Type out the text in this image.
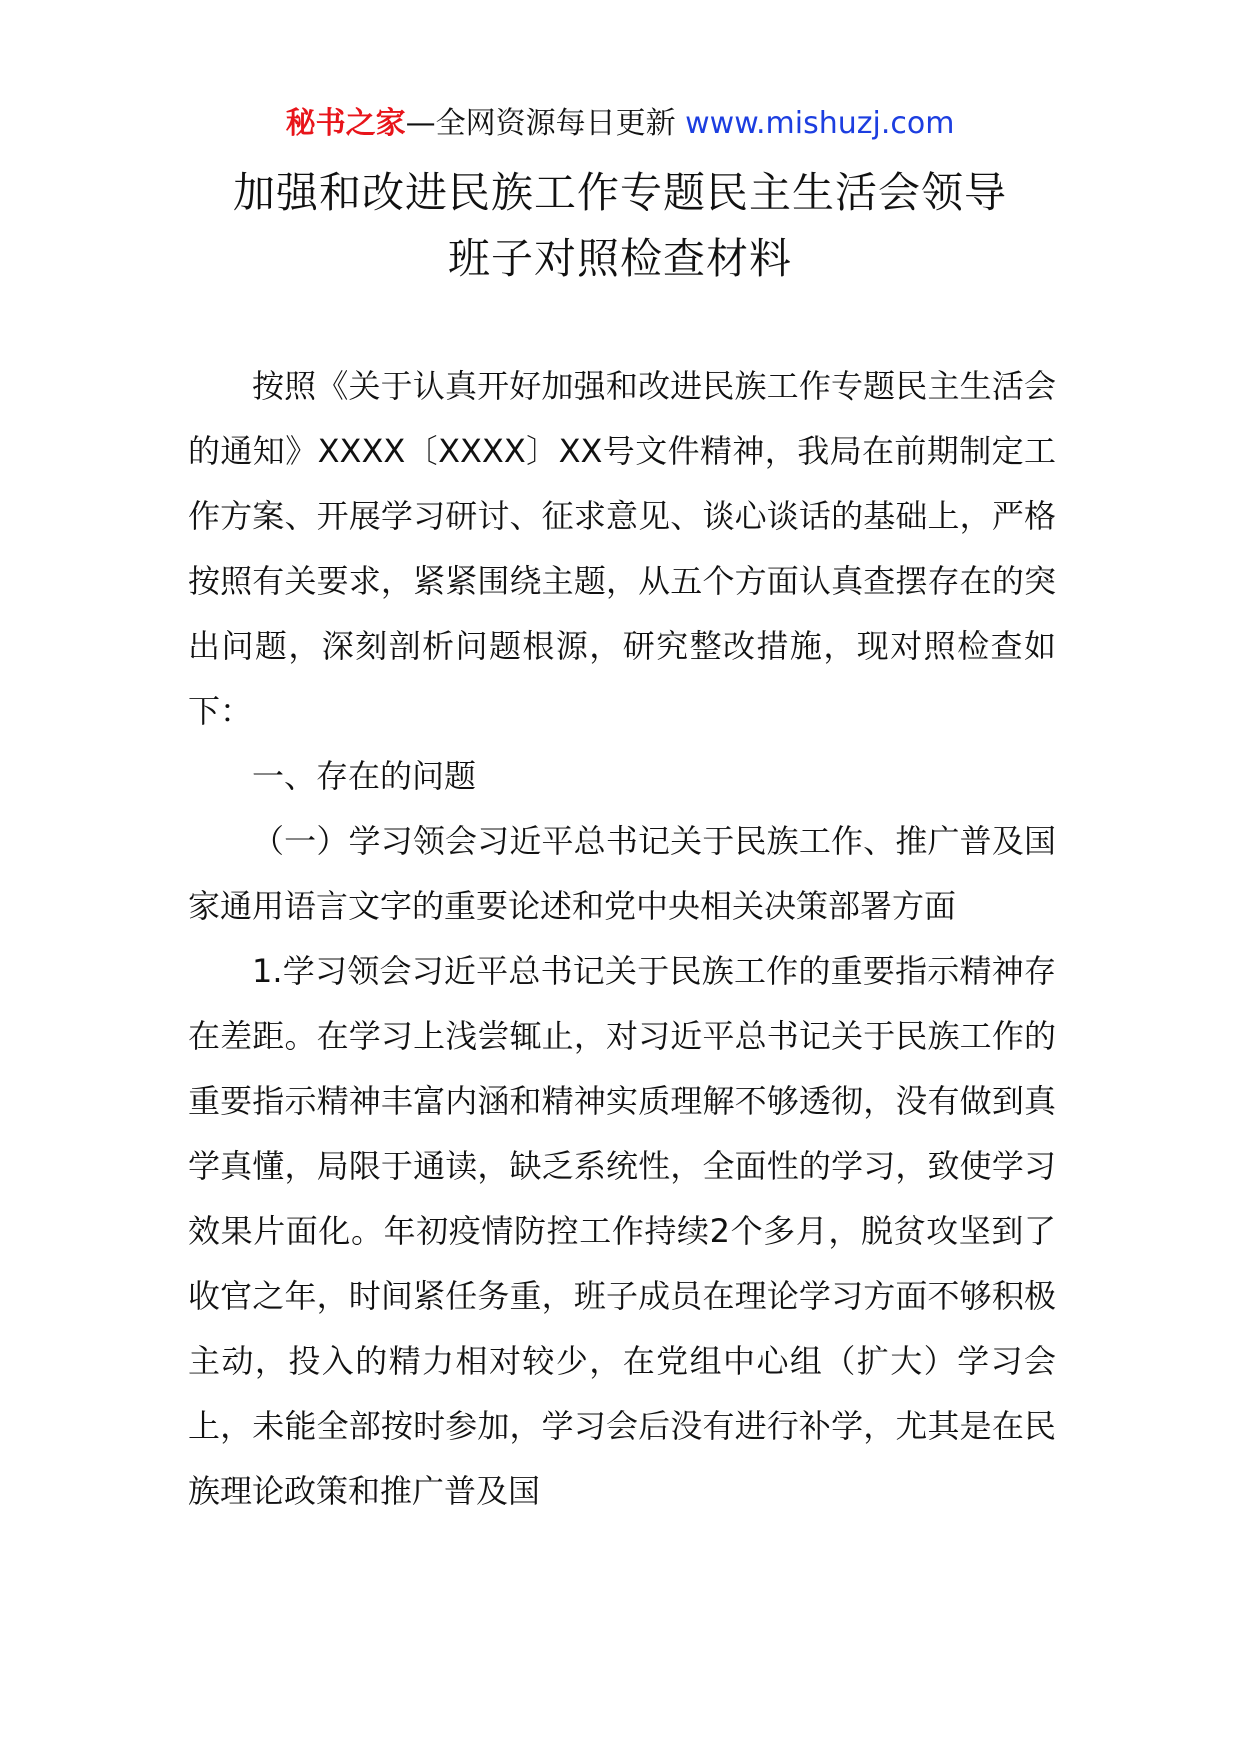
秘书之家—全网资源每日更新 www.mishuzj.com
加强和改进民族工作专题民主生活会领导
班子对照检查材料

按照《关于认真开好加强和改进民族工作专题民主生活会的通知》XXXX〔XXXX〕XX号文件精神，我局在前期制定工作方案、开展学习研讨、征求意见、谈心谈话的基础上，严格按照有关要求，紧紧围绕主题，从五个方面认真查摆存在的突出问题，深刻剖析问题根源，研究整改措施，现对照检查如下：

一、存在的问题

（一）学习领会习近平总书记关于民族工作、推广普及国家通用语言文字的重要论述和党中央相关决策部署方面

1.学习领会习近平总书记关于民族工作的重要指示精神存在差距。在学习上浅尝辄止，对习近平总书记关于民族工作的重要指示精神丰富内涵和精神实质理解不够透彻，没有做到真学真懂，局限于通读，缺乏系统性，全面性的学习，致使学习效果片面化。年初疫情防控工作持续2个多月，脱贫攻坚到了收官之年，时间紧任务重，班子成员在理论学习方面不够积极主动，投入的精力相对较少，在党组中心组（扩大）学习会上，未能全部按时参加，学习会后没有进行补学，尤其是在民族理论政策和推广普及国
